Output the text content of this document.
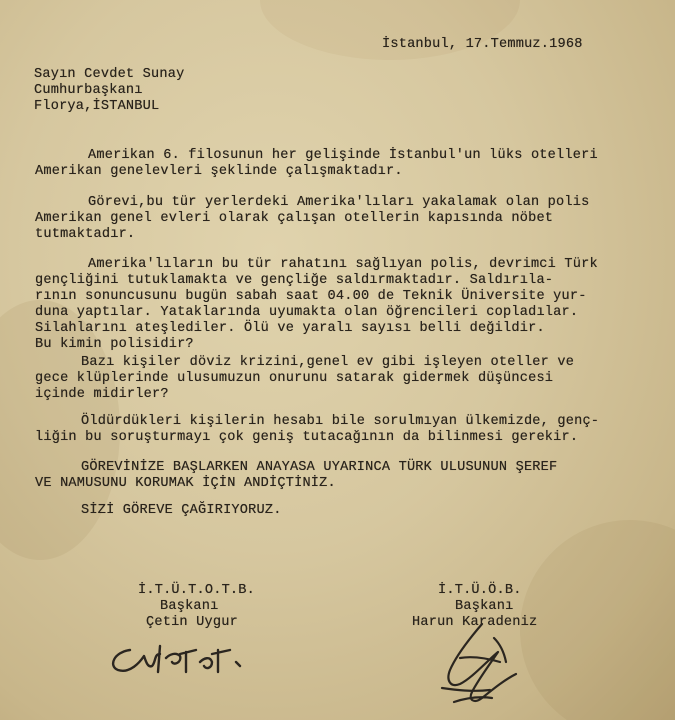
İstanbul, 17.Temmuz.1968
Sayın Cevdet Sunay
Cumhurbaşkanı
Florya,İSTANBUL
Amerikan 6. filosunun her gelişinde İstanbul'un lüks otelleri
Amerikan genelevleri şeklinde çalışmaktadır.
Görevi,bu tür yerlerdeki Amerika'lıları yakalamak olan polis
Amerikan genel evleri olarak çalışan otellerin kapısında nöbet
tutmaktadır.
Amerika'lıların bu tür rahatını sağlıyan polis, devrimci Türk
gençliğini tutuklamakta ve gençliğe saldırmaktadır. Saldırıla-
rının sonuncusunu bugün sabah saat 04.00 de Teknik Üniversite yur-
duna yaptılar. Yataklarında uyumakta olan öğrencileri copladılar.
Silahlarını ateşlediler. Ölü ve yaralı sayısı belli değildir.
Bu kimin polisidir?
Bazı kişiler döviz krizini,genel ev gibi işleyen oteller ve
gece klüplerinde ulusumuzun onurunu satarak gidermek düşüncesi
içinde midirler?
Öldürdükleri kişilerin hesabı bile sorulmıyan ülkemizde, genç-
liğin bu soruşturmayı çok geniş tutacağının da bilinmesi gerekir.
GÖREVİNİZE BAŞLARKEN ANAYASA UYARINCA TÜRK ULUSUNUN ŞEREF
VE NAMUSUNU KORUMAK İÇİN ANDİÇTİNİZ.
SİZİ GÖREVE ÇAĞIRIYORUZ.
İ.T.Ü.T.O.T.B.
Başkanı
Çetin Uygur
İ.T.Ü.Ö.B.
Başkanı
Harun Karadeniz
